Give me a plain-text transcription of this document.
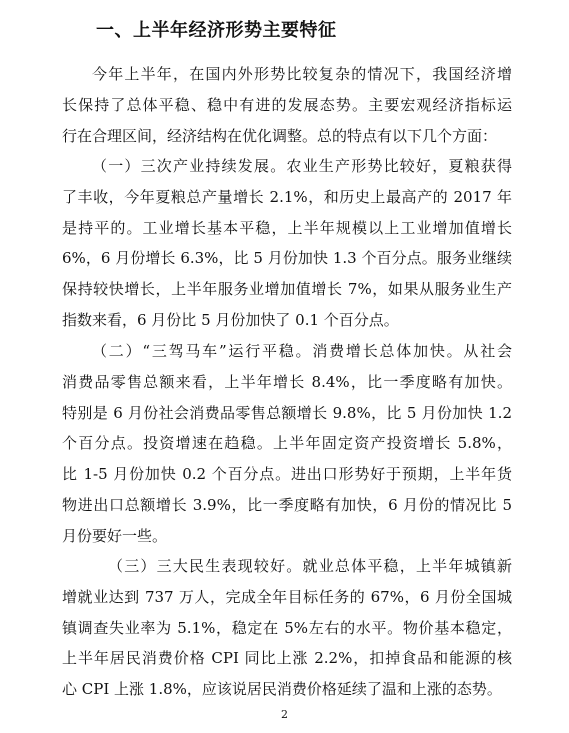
一、上半年经济形势主要特征
今年上半年，在国内外形势比较复杂的情况下，我国经济增
长保持了总体平稳、稳中有进的发展态势。主要宏观经济指标运
行在合理区间，经济结构在优化调整。总的特点有以下几个方面：
（一）三次产业持续发展。农业生产形势比较好，夏粮获得
了丰收，今年夏粮总产量增长 2.1%，和历史上最高产的 2017 年
是持平的。工业增长基本平稳，上半年规模以上工业增加值增长
6%，6 月份增长 6.3%，比 5 月份加快 1.3 个百分点。服务业继续
保持较快增长，上半年服务业增加值增长 7%，如果从服务业生产
指数来看，6 月份比 5 月份加快了 0.1 个百分点。
（二）“三驾马车”运行平稳。消费增长总体加快。从社会
消费品零售总额来看，上半年增长 8.4%，比一季度略有加快。
特别是 6 月份社会消费品零售总额增长 9.8%，比 5 月份加快 1.2
个百分点。投资增速在趋稳。上半年固定资产投资增长 5.8%，
比 1-5 月份加快 0.2 个百分点。进出口形势好于预期，上半年货
物进出口总额增长 3.9%，比一季度略有加快，6 月份的情况比 5
月份要好一些。
（三）三大民生表现较好。就业总体平稳，上半年城镇新
增就业达到 737 万人，完成全年目标任务的 67%，6 月份全国城
镇调查失业率为 5.1%，稳定在 5%左右的水平。物价基本稳定，
上半年居民消费价格 CPI 同比上涨 2.2%，扣掉食品和能源的核
心 CPI 上涨 1.8%，应该说居民消费价格延续了温和上涨的态势。
2
